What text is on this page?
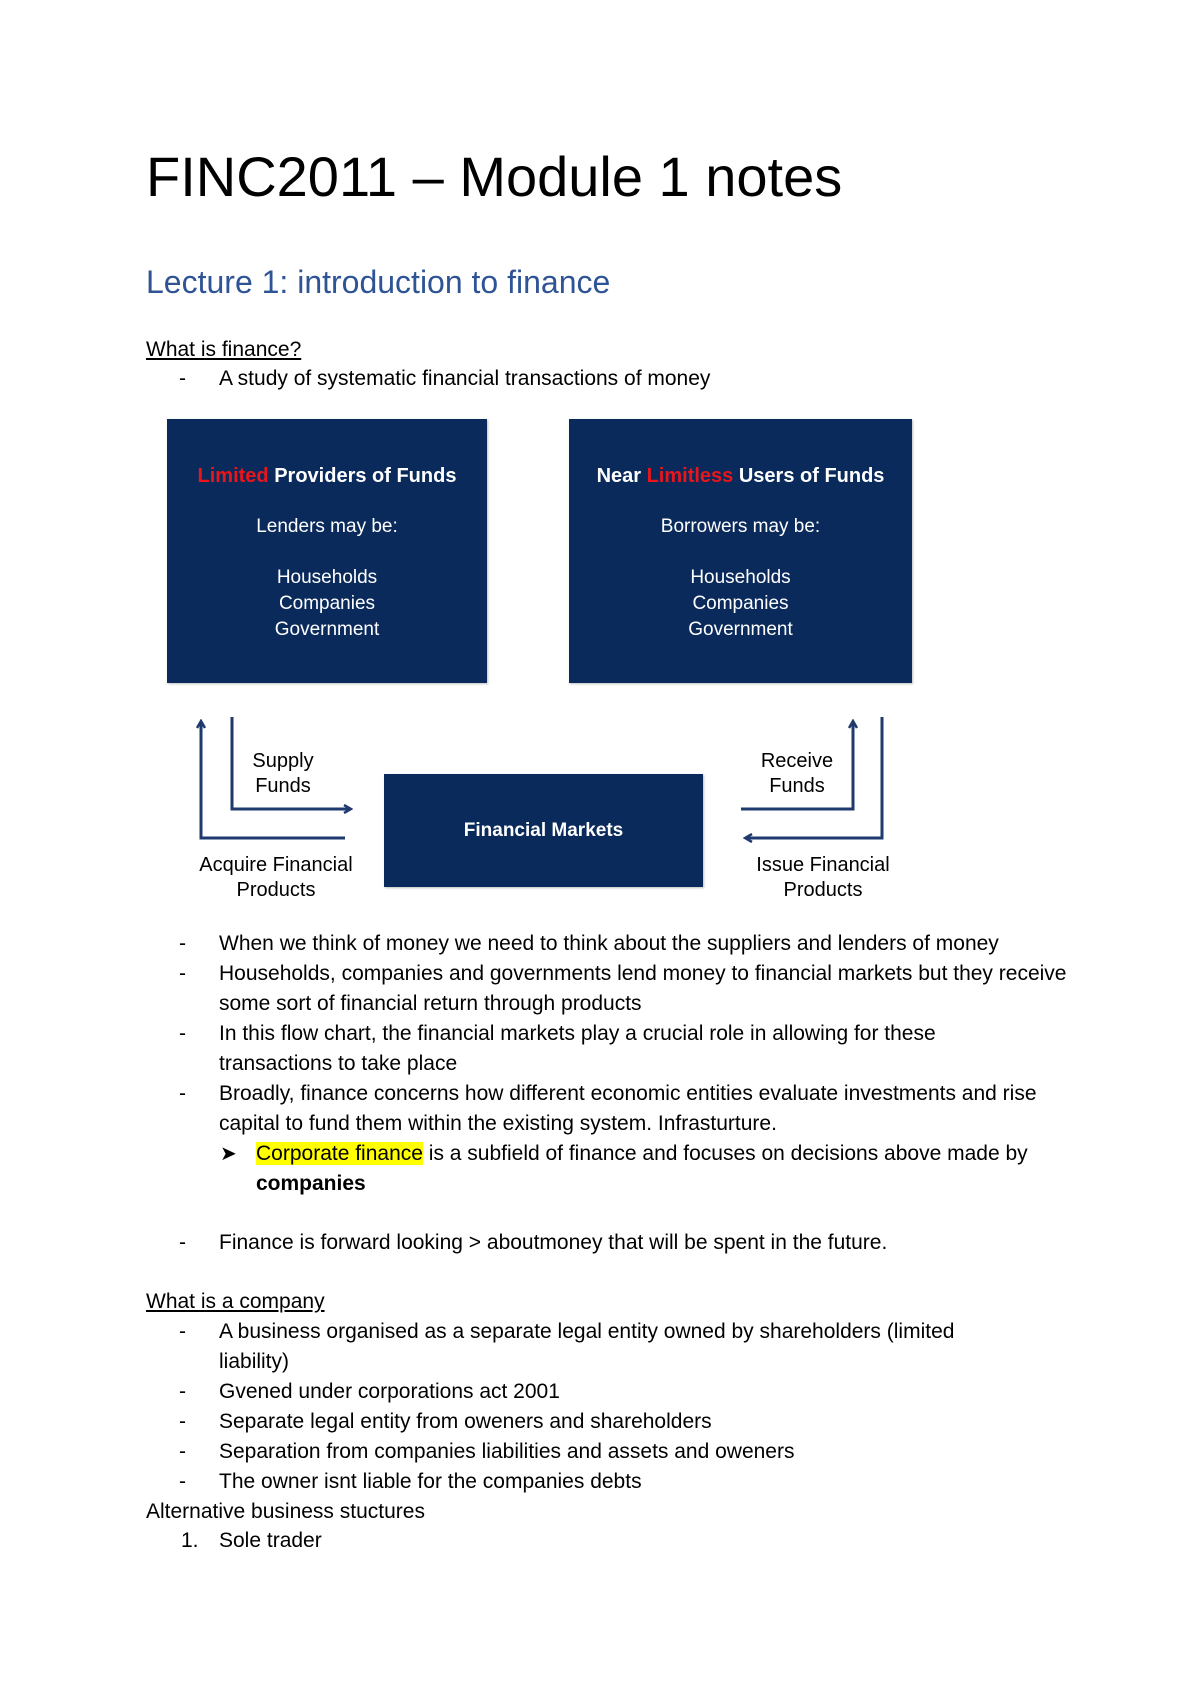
FINC2011 – Module 1 notes
Lecture 1: introduction to finance
What is finance?
- A study of systematic financial transactions of money
Limited Providers of Funds
Lenders may be:
Households
Companies
Government
Near Limitless Users of Funds
Borrowers may be:
Households
Companies
Government
Financial Markets
Supply
Funds
Acquire Financial
Products
Receive
Funds
Issue Financial
Products
- When we think of money we need to think about the suppliers and lenders of money
- Households, companies and governments lend money to financial markets but they receive some sort of financial return through products
- In this flow chart, the financial markets play a crucial role in allowing for these transactions to take place
- Broadly, finance concerns how different economic entities evaluate investments and rise capital to fund them within the existing system. Infrasturture.
➤ Corporate finance is a subfield of finance and focuses on decisions above made by companies
- Finance is forward looking > aboutmoney that will be spent in the future.
What is a company
- A business organised as a separate legal entity owned by shareholders (limited liability)
- Gvened under corporations act 2001
- Separate legal entity from oweners and shareholders
- Separation from companies liabilities and assets and oweners
- The owner isnt liable for the companies debts
Alternative business stuctures
1. Sole trader
